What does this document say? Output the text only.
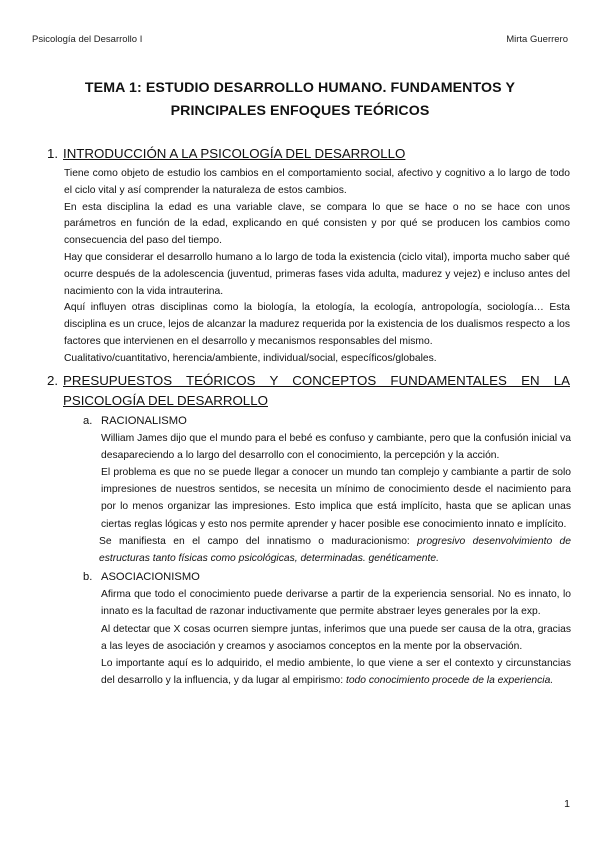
Psicología del Desarrollo I	Mirta Guerrero
TEMA 1: ESTUDIO DESARROLLO HUMANO. FUNDAMENTOS Y
PRINCIPALES ENFOQUES TEÓRICOS
1. INTRODUCCIÓN A LA PSICOLOGÍA DEL DESARROLLO
Tiene como objeto de estudio los cambios en el comportamiento social, afectivo y cognitivo a lo largo de todo el ciclo vital y así comprender la naturaleza de estos cambios.
En esta disciplina la edad es una variable clave, se compara lo que se hace o no se hace con unos parámetros en función de la edad, explicando en qué consisten y por qué se producen los cambios como consecuencia del paso del tiempo.
Hay que considerar el desarrollo humano a lo largo de toda la existencia (ciclo vital), importa mucho saber qué ocurre después de la adolescencia (juventud, primeras fases vida adulta, madurez y vejez) e incluso antes del nacimiento con la vida intrauterina.
Aquí influyen otras disciplinas como la biología, la etología, la ecología, antropología, sociología… Esta disciplina es un cruce, lejos de alcanzar la madurez requerida por la existencia de los dualismos respecto a los factores que intervienen en el desarrollo y mecanismos responsables del mismo.
Cualitativo/cuantitativo, herencia/ambiente, individual/social, específicos/globales.
2. PRESUPUESTOS TEÓRICOS Y CONCEPTOS FUNDAMENTALES EN LA
PSICOLOGÍA DEL DESARROLLO
a. RACIONALISMO
William James dijo que el mundo para el bebé es confuso y cambiante, pero que la confusión inicial va desapareciendo a lo largo del desarrollo con el conocimiento, la percepción y la acción.
El problema es que no se puede llegar a conocer un mundo tan complejo y cambiante a partir de solo impresiones de nuestros sentidos, se necesita un mínimo de conocimiento desde el nacimiento para por lo menos organizar las impresiones. Esto implica que está implícito, hasta que se aplican unas ciertas reglas lógicas y esto nos permite aprender y hacer posible ese conocimiento innato e implícito.
Se manifiesta en el campo del innatismo o maduracionismo: progresivo desenvolvimiento de estructuras tanto físicas como psicológicas, determinadas. genéticamente.
b. ASOCIACIONISMO
Afirma que todo el conocimiento puede derivarse a partir de la experiencia sensorial. No es innato, lo innato es la facultad de razonar inductivamente que permite abstraer leyes generales por la exp.
Al detectar que X cosas ocurren siempre juntas, inferimos que una puede ser causa de la otra, gracias a las leyes de asociación y creamos y asociamos conceptos en la mente por la observación.
Lo importante aquí es lo adquirido, el medio ambiente, lo que viene a ser el contexto y circunstancias del desarrollo y la influencia, y da lugar al empirismo: todo conocimiento procede de la experiencia.
1
